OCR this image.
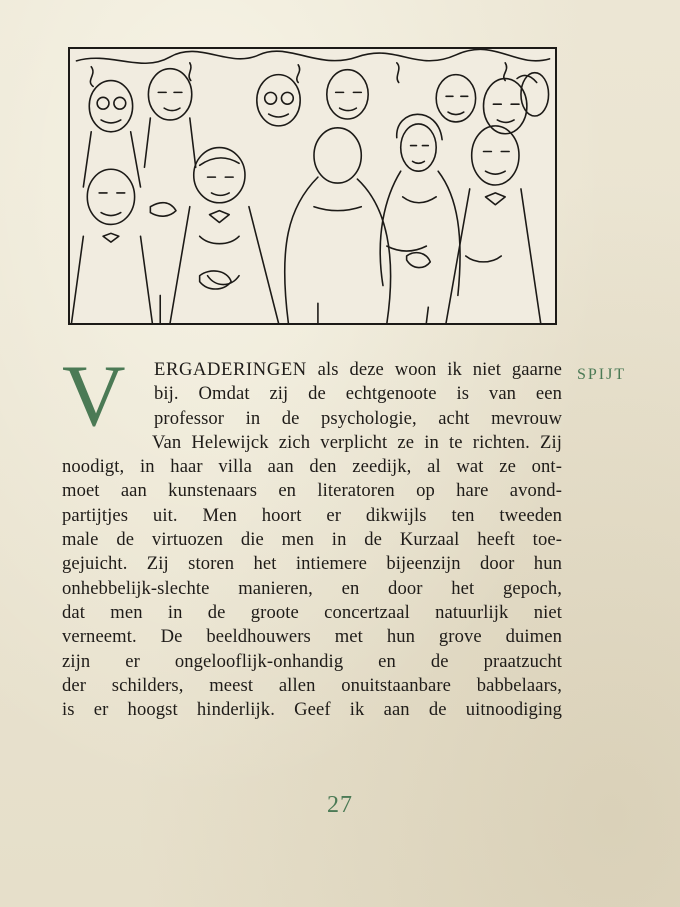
V	ERGADERINGEN als deze woon ik niet gaarne
bij. Omdat zij de echtgenoote is van een
professor in de psychologie, acht mevrouw
Van Helewijck zich verplicht ze in te richten. Zij
noodigt, in haar villa aan den zeedijk, al wat ze ont-
moet aan kunstenaars en literatoren op hare avond-
partijtjes uit. Men hoort er dikwijls ten tweeden
male de virtuozen die men in de Kurzaal heeft toe-
gejuicht. Zij storen het intiemere bijeenzijn door hun
onhebbelijk-slechte manieren, en door het gepoch,
dat men in de groote concertzaal natuurlijk niet
verneemt. De beeldhouwers met hun grove duimen
zijn er ongelooflijk-onhandig en de praatzucht
der schilders, meest allen onuitstaanbare babbelaars,
is er hoogst hinderlijk. Geef ik aan de uitnoodiging
SPIJT
27
